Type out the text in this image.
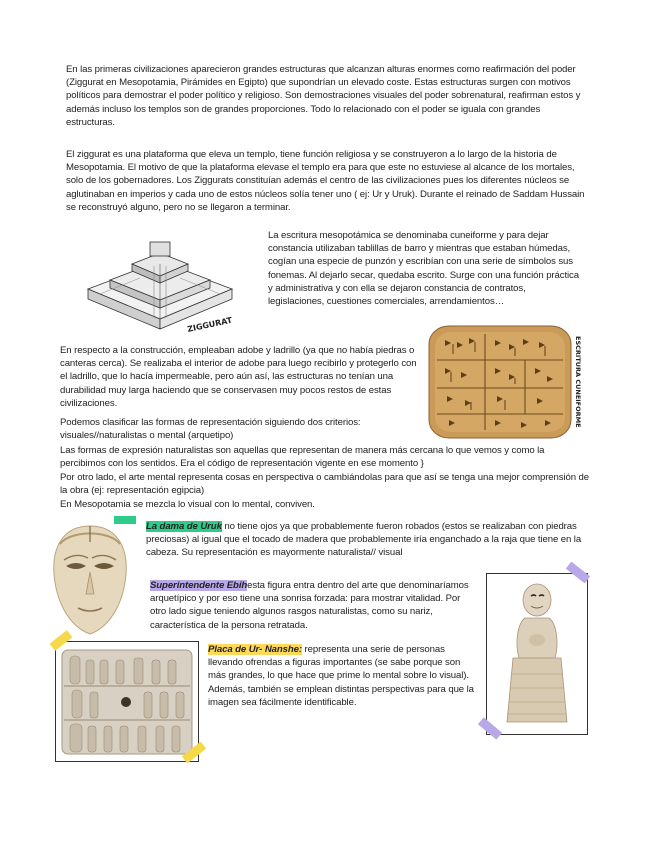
En las primeras civilizaciones aparecieron grandes estructuras que alcanzan alturas enormes como reafirmación del poder (Ziggurat en Mesopotamia, Pirámides en Egipto) que supondrían un elevado coste. Estas estructuras surgen con motivos políticos para demostrar el poder político y religioso. Son demostraciones visuales del poder sobrenatural, reafirman estos y además incluso los templos son de grandes proporciones. Todo lo relacionado con el poder se iguala con grandes estructuras.
El ziggurat es una plataforma que eleva un templo, tiene función religiosa y se construyeron a lo largo de la historia de Mesopotamia. El motivo de que la plataforma elevase el templo era para que este no estuviese al alcance de los mortales, solo de los gobernadores. Los Ziggurats constituían además el centro de las civilizaciones pues los diferentes núcleos se aglutinaban en imperios y cada uno de estos núcleos solía tener uno ( ej: Ur y Uruk). Durante el reinado de Saddam Hussain se reconstruyó alguno, pero no se llegaron a terminar.
ZIGGURAT
La escritura mesopotámica se denominaba cuneiforme y para dejar constancia utilizaban tablillas de barro y mientras que estaban húmedas, cogían una especie de punzón y escribían con una serie de símbolos sus fonemas. Al dejarlo secar, quedaba escrito. Surge con una función práctica y administrativa y con ella se dejaron constancia de contratos, legislaciones, cuestiones comerciales, arrendamientos…
ESCRITURA CUNEIFORME
En respecto a la construcción, empleaban adobe y ladrillo (ya que no había piedras o canteras cerca). Se realizaba el interior de adobe para luego recibirlo y protegerlo con el ladrillo, que lo hacía impermeable, pero aún así, las estructuras no tenían una durabilidad muy larga haciendo que se conservasen muy pocos restos de estas civilizaciones.
Podemos clasificar las formas de representación siguiendo dos criterios: visuales//naturalistas o mental (arquetipo)
Las formas de expresión naturalistas son aquellas que representan de manera más cercana lo que vemos y como la percibimos con los sentidos. Era el código de representación vigente en ese momento }
Por otro lado, el arte mental representa cosas en perspectiva o cambiándolas para que así se tenga una mejor comprensión de la obra (ej: representación egipcia)
En Mesopotamia se mezcla lo visual con lo mental, conviven.
La dama de Uruk no tiene ojos ya que probablemente fueron robados (estos se realizaban con piedras preciosas) al igual que el tocado de madera que probablemente iría enganchado a la raja que tiene en la cabeza. Su representación es mayormente naturalista// visual
Superintendente Ebihesta figura entra dentro del arte que denominaríamos arquetípico y por eso tiene una sonrisa forzada: para mostrar vitalidad. Por otro lado sigue teniendo algunos rasgos naturalistas, como su nariz, característica de la persona retratada.
Placa de Ur- Nanshe: representa una serie de personas llevando ofrendas a figuras importantes (se sabe porque son más grandes, lo que hace que prime lo mental sobre lo visual). Además, también se emplean distintas perspectivas para que la imagen sea fácilmente identificable.
